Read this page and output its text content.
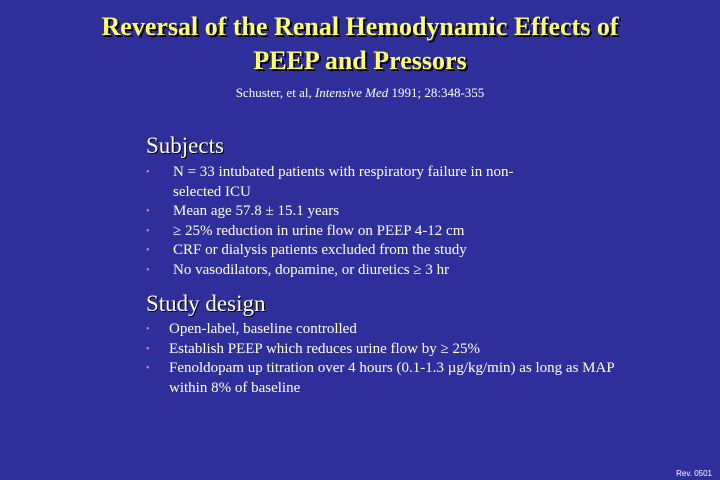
Reversal of the Renal Hemodynamic Effects of
PEEP and Pressors
Schuster, et al, Intensive Med 1991; 28:348-355
Subjects
• N = 33 intubated patients with respiratory failure in non-selected ICU
• Mean age 57.8 ± 15.1 years
• ≥ 25% reduction in urine flow on PEEP 4-12 cm
• CRF or dialysis patients excluded from the study
• No vasodilators, dopamine, or diuretics ≥ 3 hr
Study design
• Open-label, baseline controlled
• Establish PEEP which reduces urine flow by ≥ 25%
• Fenoldopam up titration over 4 hours (0.1-1.3 µg/kg/min) as long as MAP within 8% of baseline
Rev. 0501
